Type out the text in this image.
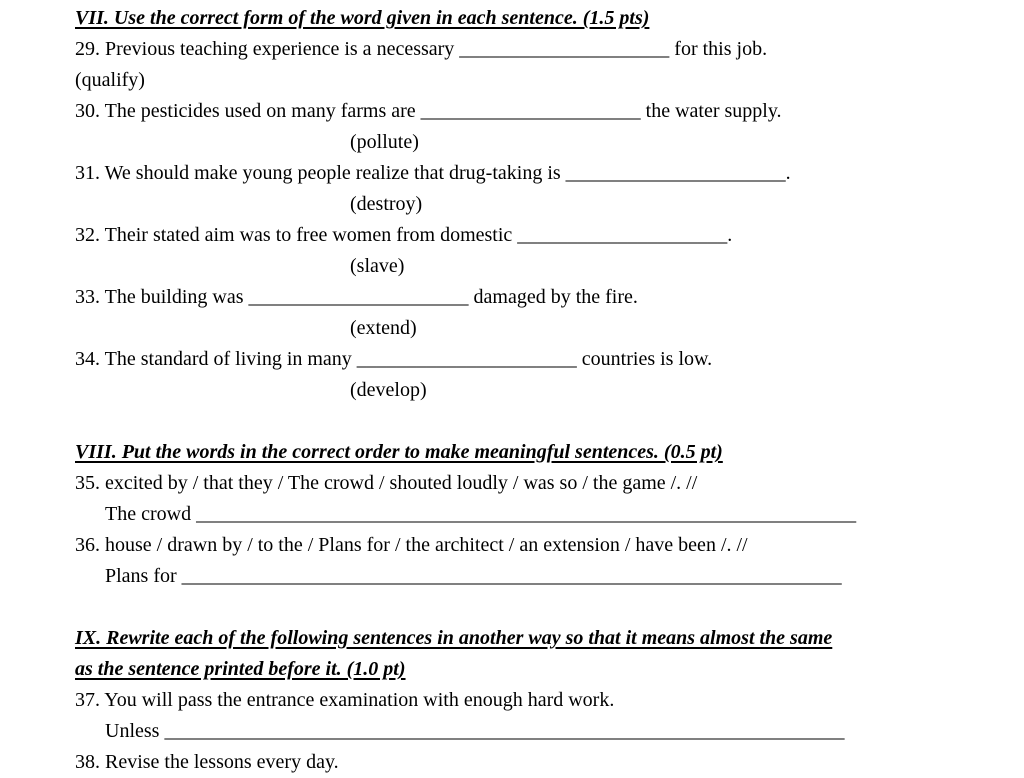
VII. Use the correct form of the word given in each sentence. (1.5 pts)
29. Previous teaching experience is a necessary _____________________ for this job.
(qualify)
30. The pesticides used on many farms are ______________________ the water supply.
(pollute)
31. We should make young people realize that drug-taking is ______________________.
(destroy)
32. Their stated aim was to free women from domestic _____________________.
(slave)
33. The building was ______________________ damaged by the fire.
(extend)
34. The standard of living in many ______________________ countries is low.
(develop)
VIII. Put the words in the correct order to make meaningful sentences. (0.5 pt)
35. excited by / that they / The crowd / shouted loudly / was so / the game /. //
The crowd __________________________________________________________________
36. house / drawn by / to the / Plans for / the architect / an extension / have been /. //
Plans for __________________________________________________________________
IX. Rewrite each of the following sentences in another way so that it means almost the same
as the sentence printed before it. (1.0 pt)
37. You will pass the entrance examination with enough hard work.
Unless ____________________________________________________________________
38. Revise the lessons every day.
